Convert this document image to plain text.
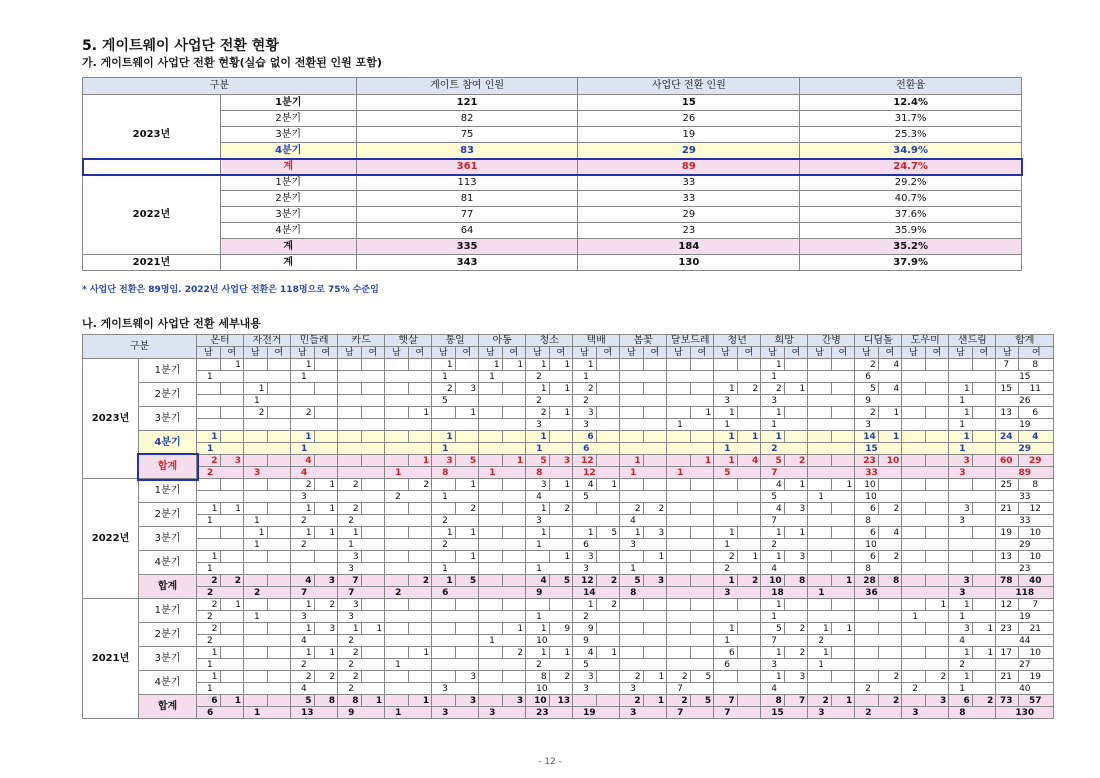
5. 게이트웨이 사업단 전환 현황
가. 게이트웨이 사업단 전환 현황(실습 없이 전환된 인원 포함)
구분		게이트 참여 인원	사업단 전환 인원	전환율
2023년	1분기	121	15	12.4%
	2분기	82	26	31.7%
	3분기	75	19	25.3%
	4분기	83	29	34.9%
	계	361	89	24.7%
2022년	1분기	113	33	29.2%
	2분기	81	33	40.7%
	3분기	77	29	37.6%
	4분기	64	23	35.9%
	계	335	184	35.2%
2021년	계	343	130	37.9%
* 사업단 전환은 89명임. 2022년 사업단 전환은 118명으로 75% 수준임
나. 게이트웨이 사업단 전환 세부내용
구분		온터		자전거		민들레		카드		햇살		통일		아동		청소		택배		봄꽃		달보드레		청년		희망		간병		디딤돌		도우미		샌드림		합계	
		남	여	남	여	남	여	남	여	남	여	남	여	남	여	남	여	남	여	남	여	남	여	남	여	남	여	남	여	남	여	남	여	남	여	남	여
2023년	1분기		1			1						1		1	1	1	1	1								1				2	4					7	8
		1				1						1		1		2		1								1				6						15	
	2분기			1								2	3			1	1	2						1	2	2	1			5	4			1		15	11
				1								5				2		2						3		3				9				1		26	
	3분기			2		2					1		1			2	1	3					1	1		1				2	1			1		13	6
																3		3				1		1		1				3				1		19	
	4분기	1				1						1				1		6						1	1	1				14	1			1		24	4
		1				1						1				1		6						1		2				15				1		29	
	합계	2	3			4					1	3	5		1	5	3	12		1			1	1	4	5	2			23	10			3		60	29
		2		3		4				1		8		1		8		12		1		1		5		7				33				3		89	
2022년	1분기					2	1	2			2		1			3	1	4	1							4	1		1	10						25	8
						3				2		1				4		5								5		1		10						33	
	2분기	1	1			1	1	2					2			1	2			2	2					4	3			6	2			3		21	12
		1		1		2		2				2				3				4						7				8				3		33	
	3분기			1		1	1	1				1	1			1		1	5	1	3			1		1	1			6	4					19	10
				1		2		1				2				1		6		3				1		2				10						29	
	4분기	1						3					1				1	3			1			2	1	1	3			6	2					13	10
		1						3				1				1		3		1				2		4				8						23	
	합계	2	2			4	3	7			2	1	5			4	5	12	2	5	3			1	2	10	8		1	28	8			3		78	40
		2		2		7		7		2		6				9		14		8				3		18		1		36				3		118	
2021년	1분기	2	1			1	2	3										1	2							1							1	1		12	7
		2		1		3		3								1		2								1						1		1		19	
	2분기	2				1	3	1	1						1	1	9	9						1		5	2	1	1					3	1	23	21
		2				4		2						1		10		9						1		7		2						4		44	
	3분기	1				1	1	2			1				2	1	1	4	1					6		1	2	1						1	1	17	10
		1				2		2		1						2		5						6		3		1						2		27	
	4분기	1				2	2	2					3			8	2	3		2	1	2	5			1	3				2		2	1		21	19
		1				4		2				3				10		3		3		7				4				2		2		1		40	
	합계	6	1			5	8	8	1		1		3		3	10	13			2	1	2	5	7		8	7	2	1		2		3	6	2	73	57
		6		1		13		9		1		3		3		23		19		3		7		7		15		3		2		3		8		130	
- 12 -
